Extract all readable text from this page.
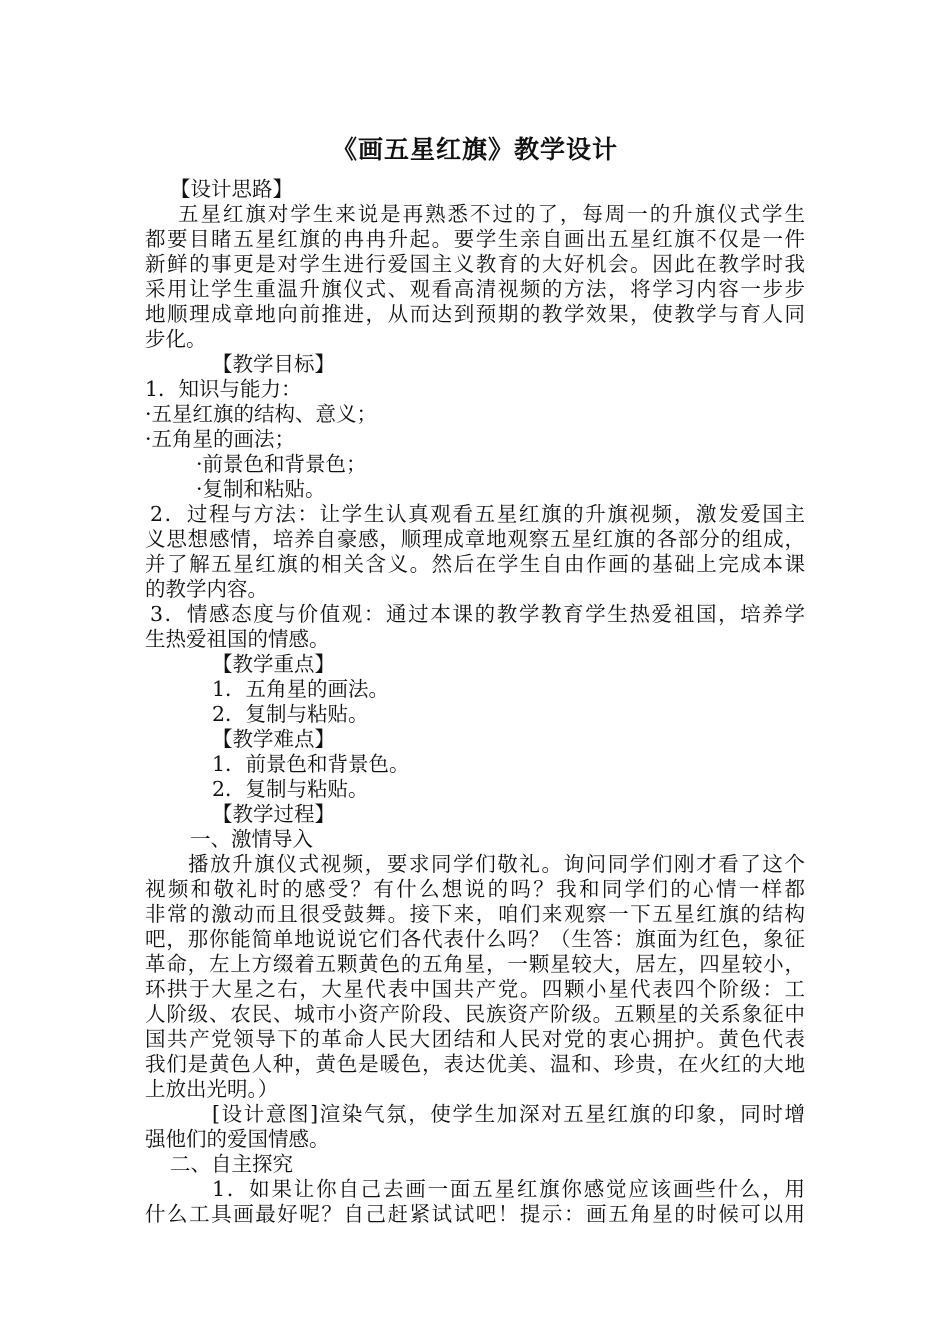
《画五星红旗》教学设计
【设计思路】
五星红旗对学生来说是再熟悉不过的了，每周一的升旗仪式学生
都要目睹五星红旗的冉冉升起。要学生亲自画出五星红旗不仅是一件
新鲜的事更是对学生进行爱国主义教育的大好机会。因此在教学时我
采用让学生重温升旗仪式、观看高清视频的方法，将学习内容一步步
地顺理成章地向前推进，从而达到预期的教学效果，使教学与育人同
步化。
【教学目标】
1．知识与能力：
·五星红旗的结构、意义；
·五角星的画法；
·前景色和背景色；
·复制和粘贴。
2．过程与方法：让学生认真观看五星红旗的升旗视频，激发爱国主
义思想感情，培养自豪感，顺理成章地观察五星红旗的各部分的组成，
并了解五星红旗的相关含义。然后在学生自由作画的基础上完成本课
的教学内容。
3．情感态度与价值观：通过本课的教学教育学生热爱祖国，培养学
生热爱祖国的情感。
【教学重点】
1．五角星的画法。
2．复制与粘贴。
【教学难点】
1．前景色和背景色。
2．复制与粘贴。
【教学过程】
一、激情导入
播放升旗仪式视频，要求同学们敬礼。询问同学们刚才看了这个
视频和敬礼时的感受？有什么想说的吗？我和同学们的心情一样都
非常的激动而且很受鼓舞。接下来，咱们来观察一下五星红旗的结构
吧，那你能简单地说说它们各代表什么吗？（生答：旗面为红色，象征
革命，左上方缀着五颗黄色的五角星，一颗星较大，居左，四星较小，
环拱于大星之右，大星代表中国共产党。四颗小星代表四个阶级：工
人阶级、农民、城市小资产阶段、民族资产阶级。五颗星的关系象征中
国共产党领导下的革命人民大团结和人民对党的衷心拥护。黄色代表
我们是黄色人种，黄色是暖色，表达优美、温和、珍贵，在火红的大地
上放出光明。）
[设计意图]渲染气氛，使学生加深对五星红旗的印象，同时增
强他们的爱国情感。
二、自主探究
1．如果让你自己去画一面五星红旗你感觉应该画些什么，用
什么工具画最好呢？自己赶紧试试吧！提示：画五角星的时候可以用
